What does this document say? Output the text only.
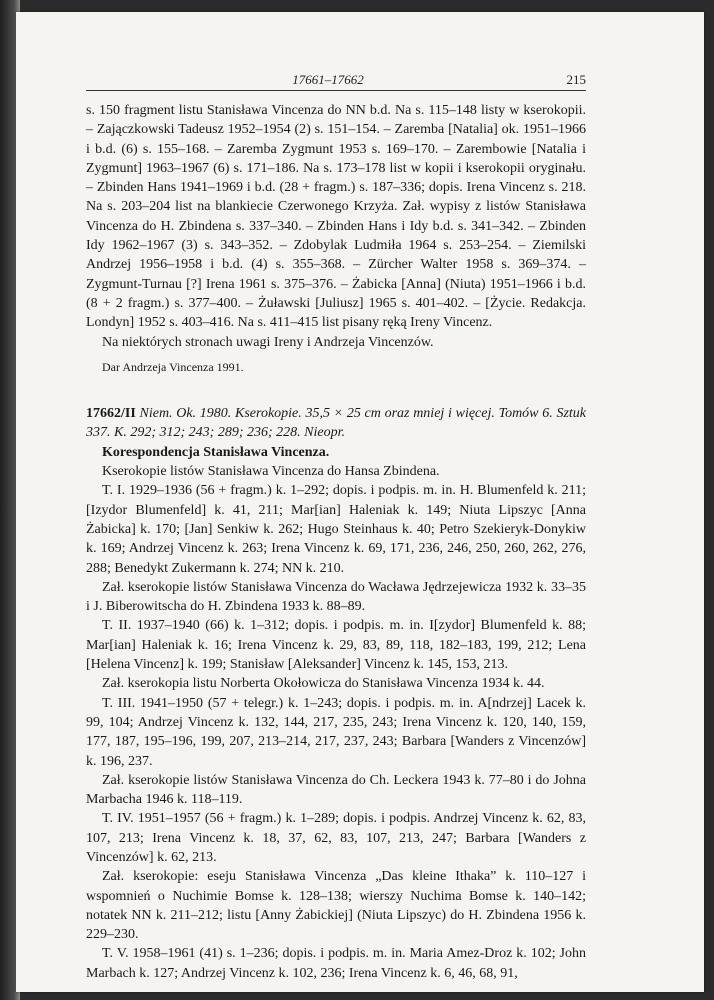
17661–17662	215

s. 150 fragment listu Stanisława Vincenza do NN b.d. Na s. 115–148 listy w kserokopii. – Zajączkowski Tadeusz 1952–1954 (2) s. 151–154. – Zaremba [Natalia] ok. 1951–1966 i b.d. (6) s. 155–168. – Zaremba Zygmunt 1953 s. 169–170. – Zarembowie [Natalia i Zygmunt] 1963–1967 (6) s. 171–186. Na s. 173–178 list w kopii i kserokopii oryginału. – Zbinden Hans 1941–1969 i b.d. (28 + fragm.) s. 187–336; dopis. Irena Vincenz s. 218. Na s. 203–204 list na blankiecie Czerwonego Krzyża. Zał. wypisy z listów Stanisława Vincenza do H. Zbindena s. 337–340. – Zbinden Hans i Idy b.d. s. 341–342. – Zbinden Idy 1962–1967 (3) s. 343–352. – Zdobylak Ludmiła 1964 s. 253–254. – Ziemilski Andrzej 1956–1958 i b.d. (4) s. 355–368. – Zürcher Walter 1958 s. 369–374. – Zygmunt-Turnau [?] Irena 1961 s. 375–376. – Żabicka [Anna] (Niuta) 1951–1966 i b.d. (8 + 2 fragm.) s. 377–400. – Żuławski [Juliusz] 1965 s. 401–402. – [Życie. Redakcja. Londyn] 1952 s. 403–416. Na s. 411–415 list pisany ręką Ireny Vincenz.

Na niektórych stronach uwagi Ireny i Andrzeja Vincenzów.

Dar Andrzeja Vincenza 1991.

17662/II Niem. Ok. 1980. Kserokopie. 35,5 × 25 cm oraz mniej i więcej. Tomów 6. Sztuk 337. K. 292; 312; 243; 289; 236; 228. Nieopr.

Korespondencja Stanisława Vincenza.

Kserokopie listów Stanisława Vincenza do Hansa Zbindena.

T. I. 1929–1936 (56 + fragm.) k. 1–292; dopis. i podpis. m. in. H. Blumenfeld k. 211; [Izydor Blumenfeld] k. 41, 211; Mar[ian] Haleniak k. 149; Niuta Lipszyc [Anna Żabicka] k. 170; [Jan] Senkiw k. 262; Hugo Steinhaus k. 40; Petro Szekieryk-Donykiw k. 169; Andrzej Vincenz k. 263; Irena Vincenz k. 69, 171, 236, 246, 250, 260, 262, 276, 288; Benedykt Zukermann k. 274; NN k. 210.

Zał. kserokopie listów Stanisława Vincenza do Wacława Jędrzejewicza 1932 k. 33–35 i J. Biberowitscha do H. Zbindena 1933 k. 88–89.

T. II. 1937–1940 (66) k. 1–312; dopis. i podpis. m. in. I[zydor] Blumenfeld k. 88; Mar[ian] Haleniak k. 16; Irena Vincenz k. 29, 83, 89, 118, 182–183, 199, 212; Lena [Helena Vincenz] k. 199; Stanisław [Aleksander] Vincenz k. 145, 153, 213.

Zał. kserokopia listu Norberta Okołowicza do Stanisława Vincenza 1934 k. 44.

T. III. 1941–1950 (57 + telegr.) k. 1–243; dopis. i podpis. m. in. A[ndrzej] Lacek k. 99, 104; Andrzej Vincenz k. 132, 144, 217, 235, 243; Irena Vincenz k. 120, 140, 159, 177, 187, 195–196, 199, 207, 213–214, 217, 237, 243; Barbara [Wanders z Vincenzów] k. 196, 237.

Zał. kserokopie listów Stanisława Vincenza do Ch. Leckera 1943 k. 77–80 i do Johna Marbacha 1946 k. 118–119.

T. IV. 1951–1957 (56 + fragm.) k. 1–289; dopis. i podpis. Andrzej Vincenz k. 62, 83, 107, 213; Irena Vincenz k. 18, 37, 62, 83, 107, 213, 247; Barbara [Wanders z Vincenzów] k. 62, 213.

Zał. kserokopie: eseju Stanisława Vincenza „Das kleine Ithaka” k. 110–127 i wspomnień o Nuchimie Bomse k. 128–138; wierszy Nuchima Bomse k. 140–142; notatek NN k. 211–212; listu [Anny Żabickiej] (Niuta Lipszyc) do H. Zbindena 1956 k. 229–230.

T. V. 1958–1961 (41) s. 1–236; dopis. i podpis. m. in. Maria Amez-Droz k. 102; John Marbach k. 127; Andrzej Vincenz k. 102, 236; Irena Vincenz k. 6, 46, 68, 91,
